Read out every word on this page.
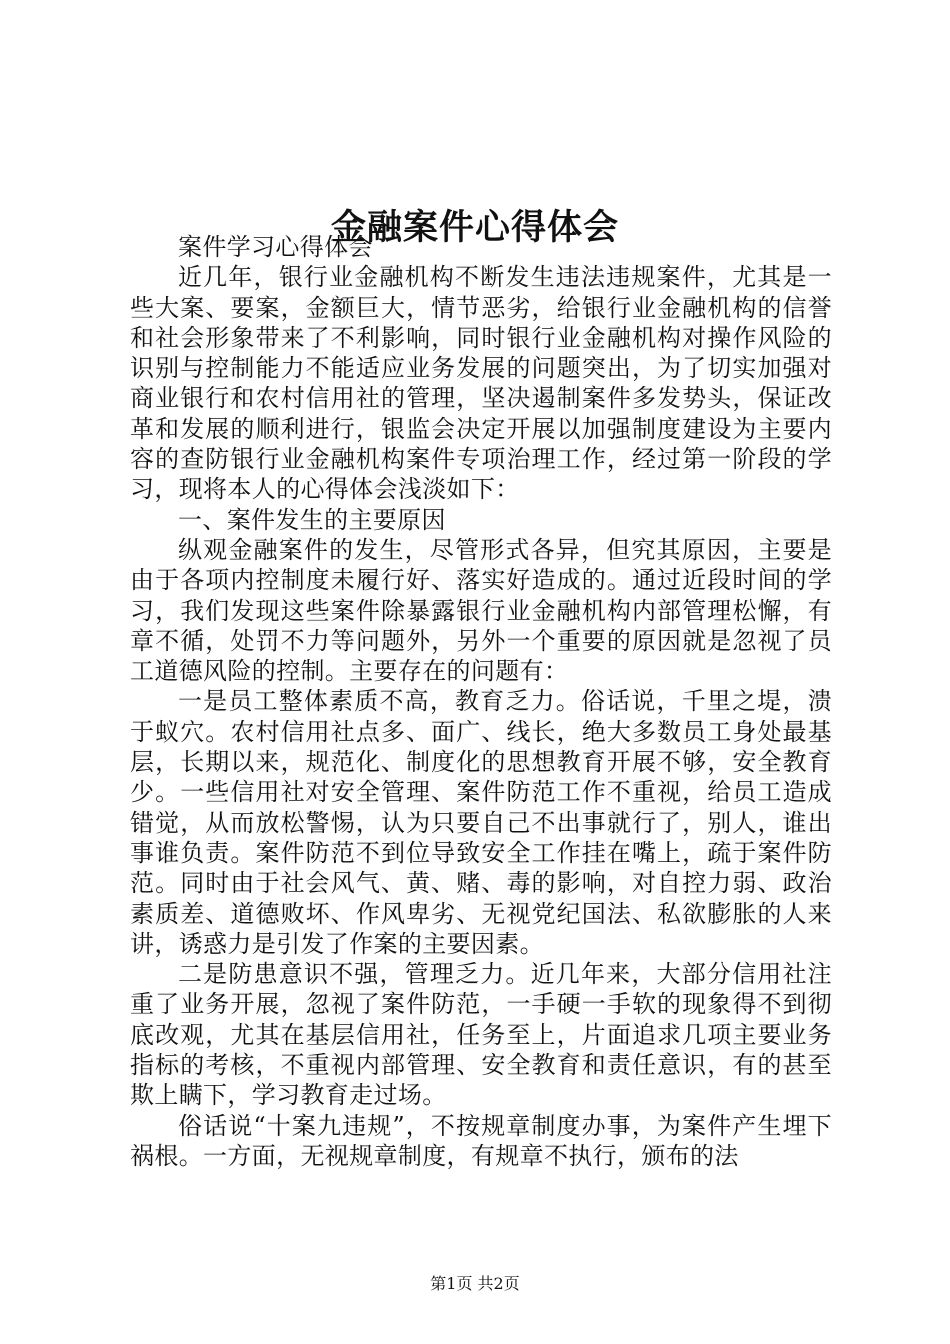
金融案件心得体会

案件学习心得体会

近几年，银行业金融机构不断发生违法违规案件，尤其是一些大案、要案，金额巨大，情节恶劣，给银行业金融机构的信誉和社会形象带来了不利影响，同时银行业金融机构对操作风险的识别与控制能力不能适应业务发展的问题突出，为了切实加强对商业银行和农村信用社的管理，坚决遏制案件多发势头，保证改革和发展的顺利进行，银监会决定开展以加强制度建设为主要内容的查防银行业金融机构案件专项治理工作，经过第一阶段的学习，现将本人的心得体会浅淡如下：

一、案件发生的主要原因

纵观金融案件的发生，尽管形式各异，但究其原因，主要是由于各项内控制度未履行好、落实好造成的。通过近段时间的学习，我们发现这些案件除暴露银行业金融机构内部管理松懈，有章不循，处罚不力等问题外，另外一个重要的原因就是忽视了员工道德风险的控制。主要存在的问题有：

一是员工整体素质不高，教育乏力。俗话说，千里之堤，溃于蚁穴。农村信用社点多、面广、线长，绝大多数员工身处最基层，长期以来，规范化、制度化的思想教育开展不够，安全教育少。一些信用社对安全管理、案件防范工作不重视，给员工造成错觉，从而放松警惕，认为只要自己不出事就行了，别人，谁出事谁负责。案件防范不到位导致安全工作挂在嘴上，疏于案件防范。同时由于社会风气、黄、赌、毒的影响，对自控力弱、政治素质差、道德败坏、作风卑劣、无视党纪国法、私欲膨胀的人来讲，诱惑力是引发了作案的主要因素。

二是防患意识不强，管理乏力。近几年来，大部分信用社注重了业务开展，忽视了案件防范，一手硬一手软的现象得不到彻底改观，尤其在基层信用社，任务至上，片面追求几项主要业务指标的考核，不重视内部管理、安全教育和责任意识，有的甚至欺上瞒下，学习教育走过场。

俗话说“十案九违规”，不按规章制度办事，为案件产生埋下祸根。一方面，无视规章制度，有规章不执行，颁布的法

第1页 共2页
